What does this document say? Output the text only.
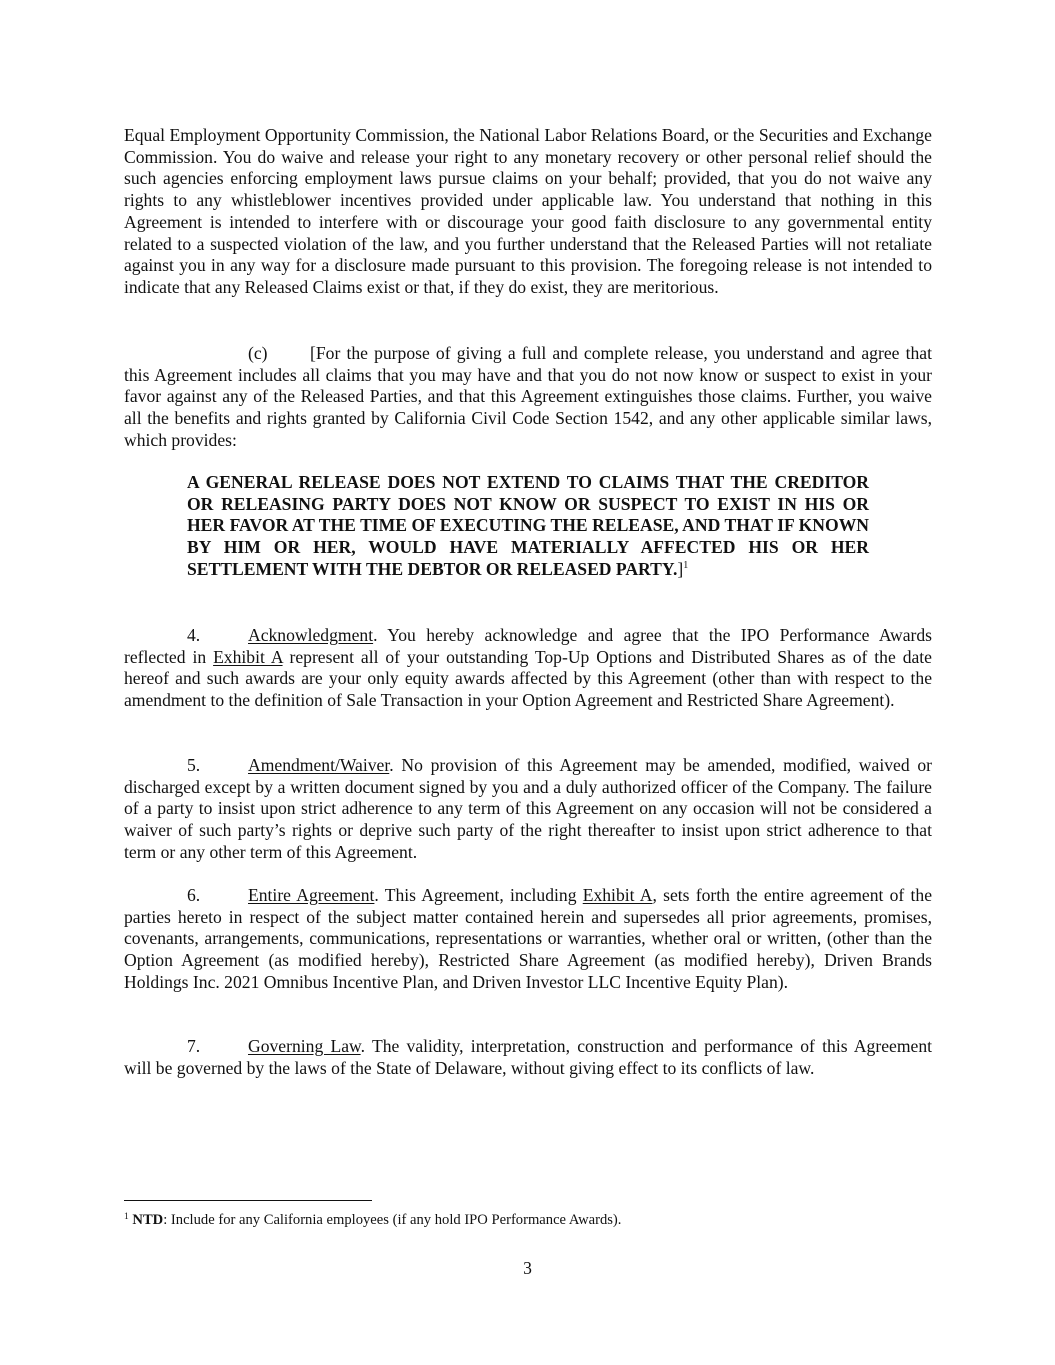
Equal Employment Opportunity Commission, the National Labor Relations Board, or the Securities and Exchange Commission. You do waive and release your right to any monetary recovery or other personal relief should the such agencies enforcing employment laws pursue claims on your behalf; provided, that you do not waive any rights to any whistleblower incentives provided under applicable law. You understand that nothing in this Agreement is intended to interfere with or discourage your good faith disclosure to any governmental entity related to a suspected violation of the law, and you further understand that the Released Parties will not retaliate against you in any way for a disclosure made pursuant to this provision. The foregoing release is not intended to indicate that any Released Claims exist or that, if they do exist, they are meritorious.

(c) [For the purpose of giving a full and complete release, you understand and agree that this Agreement includes all claims that you may have and that you do not now know or suspect to exist in your favor against any of the Released Parties, and that this Agreement extinguishes those claims. Further, you waive all the benefits and rights granted by California Civil Code Section 1542, and any other applicable similar laws, which provides:

A GENERAL RELEASE DOES NOT EXTEND TO CLAIMS THAT THE CREDITOR OR RELEASING PARTY DOES NOT KNOW OR SUSPECT TO EXIST IN HIS OR HER FAVOR AT THE TIME OF EXECUTING THE RELEASE, AND THAT IF KNOWN BY HIM OR HER, WOULD HAVE MATERIALLY AFFECTED HIS OR HER SETTLEMENT WITH THE DEBTOR OR RELEASED PARTY.]$^1$

4.	Acknowledgment. You hereby acknowledge and agree that the IPO Performance Awards reflected in Exhibit A represent all of your outstanding Top-Up Options and Distributed Shares as of the date hereof and such awards are your only equity awards affected by this Agreement (other than with respect to the amendment to the definition of Sale Transaction in your Option Agreement and Restricted Share Agreement).

5.	Amendment/Waiver. No provision of this Agreement may be amended, modified, waived or discharged except by a written document signed by you and a duly authorized officer of the Company. The failure of a party to insist upon strict adherence to any term of this Agreement on any occasion will not be considered a waiver of such party’s rights or deprive such party of the right thereafter to insist upon strict adherence to that term or any other term of this Agreement.

6.	Entire Agreement. This Agreement, including Exhibit A, sets forth the entire agreement of the parties hereto in respect of the subject matter contained herein and supersedes all prior agreements, promises, covenants, arrangements, communications, representations or warranties, whether oral or written, (other than the Option Agreement (as modified hereby), Restricted Share Agreement (as modified hereby), Driven Brands Holdings Inc. 2021 Omnibus Incentive Plan, and Driven Investor LLC Incentive Equity Plan).

7.	Governing Law. The validity, interpretation, construction and performance of this Agreement will be governed by the laws of the State of Delaware, without giving effect to its conflicts of law.

$^1$ NTD: Include for any California employees (if any hold IPO Performance Awards).

3
